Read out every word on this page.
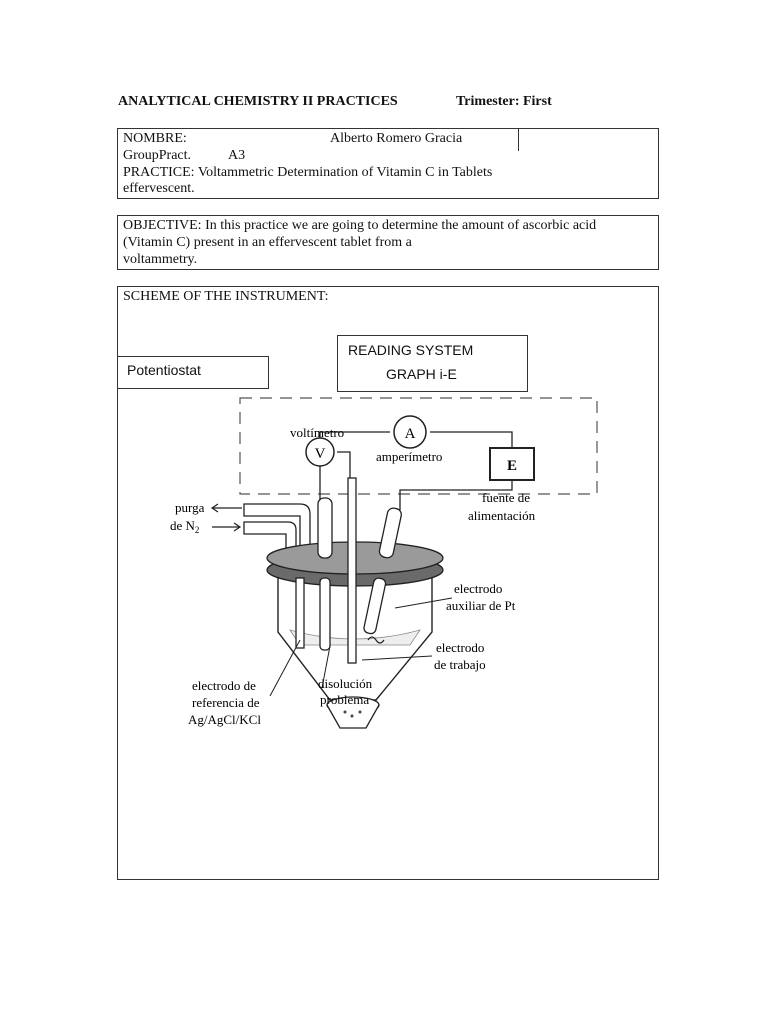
ANALYTICAL CHEMISTRY II PRACTICES	Trimester: First
NOMBRE:	Alberto Romero Gracia
GroupPract.	A3
PRACTICE: Voltammetric Determination of Vitamin C in Tablets
effervescent.
OBJECTIVE: In this practice we are going to determine the amount of ascorbic acid
(Vitamin C) present in an effervescent tablet from a
voltammetry.
SCHEME OF THE INSTRUMENT:
Potentiostat
READING SYSTEM
GRAPH i-E
V
voltímetro	A
amperímetro
E
fuente de
alimentación
purga
de $N_2$
electrodo
auxiliar de Pt
electrodo
de trabajo
electrodo de
referencia de
Ag/AgCl/KCl
disolución
problema
